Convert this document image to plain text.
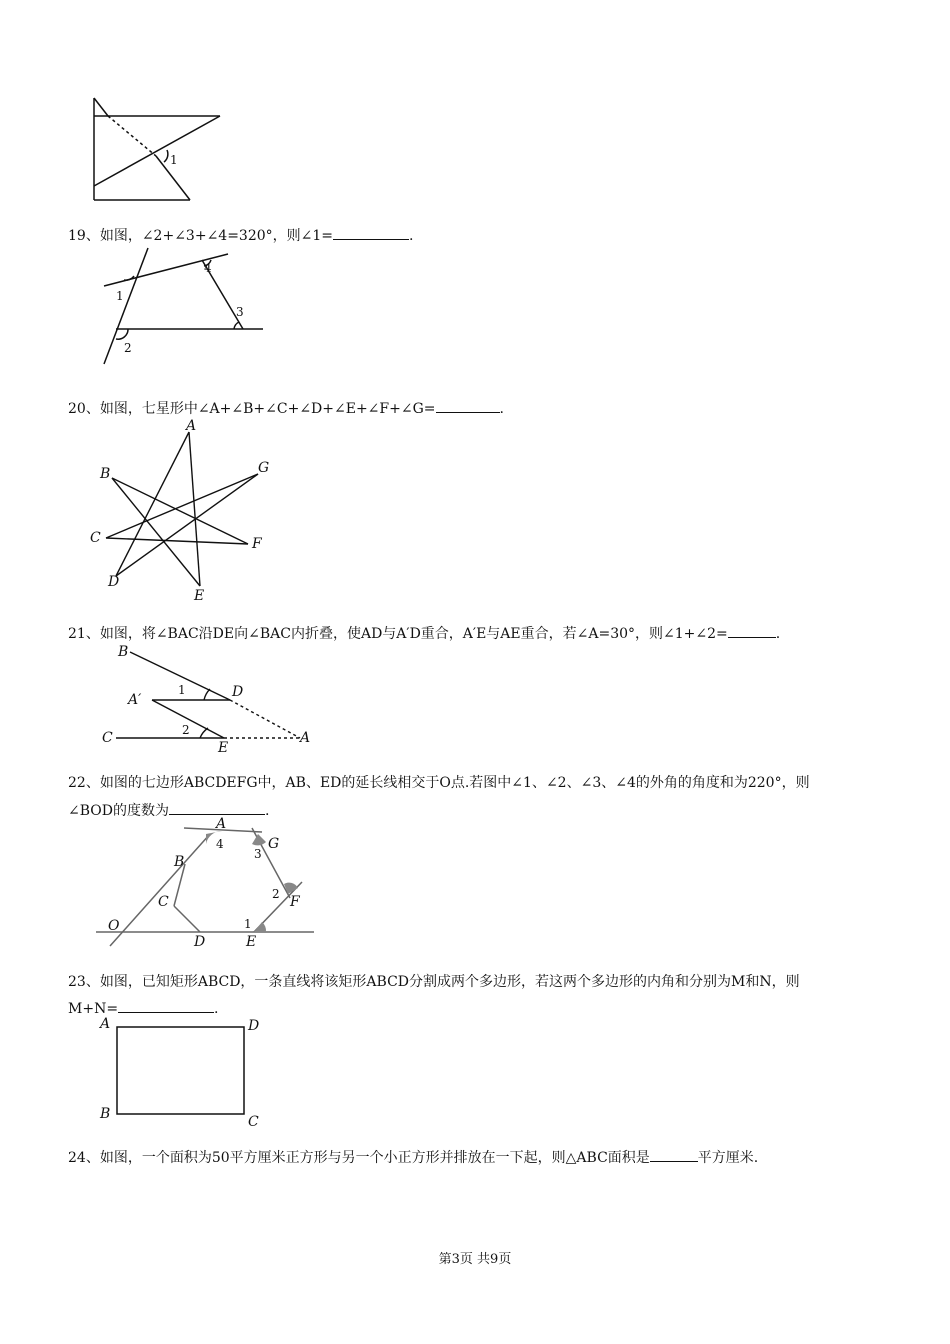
1
19、如图，∠2+∠3+∠4=320°，则∠1=	.
1
2
3
4
20、如图，七星形中∠A+∠B+∠C+∠D+∠E+∠F+∠G=	.
A
B
C
D
E
F
G
21、如图，将∠BAC沿DE向∠BAC内折叠，使AD与A′D重合，A′E与AE重合，若∠A=30°，则∠1+∠2=	.
B
D
A′
C
E
A
1
2
22、如图的七边形ABCDEFG中，AB、ED的延长线相交于O点.若图中∠1、∠2、∠3、∠4的外角的角度和为220°，则
∠BOD的度数为	.
A
B
C
D	E
F
G
O	1
2
3
4
23、如图，已知矩形ABCD，一条直线将该矩形ABCD分割成两个多边形，若这两个多边形的内角和分别为M和N，则
M+N=	.
A	D
B	C
24、如图，一个面积为50平方厘米正方形与另一个小正方形并排放在一下起，则△ABC面积是	平方厘米.
第3页 共9页
